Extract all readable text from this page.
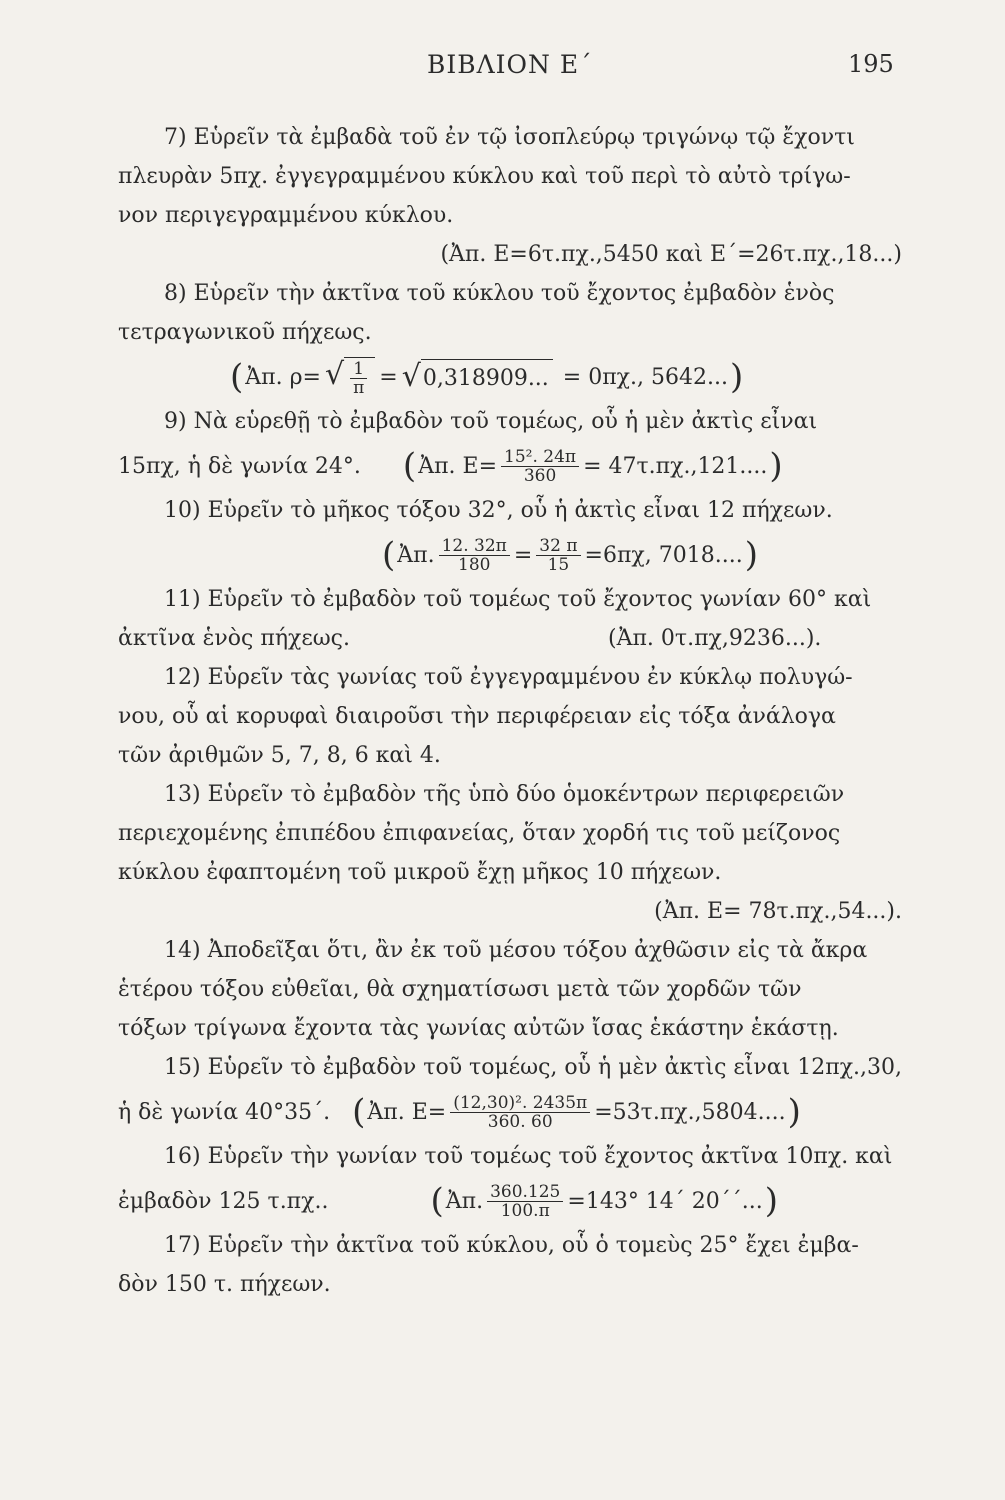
ΒΙΒΛΙΟΝ Ε΄	195
7) Εὑρεῖν τὰ ἐμβαδὰ τοῦ ἐν τῷ ἰσοπλεύρῳ τριγώνῳ τῷ ἔχοντι
πλευρὰν 5πχ. ἐγγεγραμμένου κύκλου καὶ τοῦ περὶ τὸ αὐτὸ τρίγω-
νον περιγεγραμμένου κύκλου.
(Ἀπ. Ε=6τ.πχ.,5450 καὶ Ε΄=26τ.πχ.,18...)
8) Εὑρεῖν τὴν ἀκτῖνα τοῦ κύκλου τοῦ ἔχοντος ἐμβαδὸν ἑνὸς
τετραγωνικοῦ πήχεως.
( Ἀπ. ρ= √ $\frac{1}{\pi}$ = √ 0,318909... = 0πχ., 5642... )
9) Νὰ εὑρεθῇ τὸ ἐμβαδὸν τοῦ τομέως, οὗ ἡ μὲν ἀκτὶς εἶναι
15πχ, ἡ δὲ γωνία 24°. ( Ἀπ. $E= \frac{\text{15². 24π}}{360} = 47\tau.\pi\chi.,121$.... )
10) Εὑρεῖν τὸ μῆκος τόξου 32°, οὗ ἡ ἀκτὶς εἶναι 12 πήχεων.
( Ἀπ. $\frac{12. 32\pi}{180} = \frac{32 \pi}{15} =6\pi\chi$, 7018.... )
11) Εὑρεῖν τὸ ἐμβαδὸν τοῦ τομέως τοῦ ἔχοντος γωνίαν 60° καὶ
ἀκτῖνα ἑνὸς πήχεως.	(Ἀπ. 0τ.πχ,9236...).
12) Εὑρεῖν τὰς γωνίας τοῦ ἐγγεγραμμένου ἐν κύκλῳ πολυγώ-
νου, οὗ αἱ κορυφαὶ διαιροῦσι τὴν περιφέρειαν εἰς τόξα ἀνάλογα
τῶν ἀριθμῶν 5, 7, 8, 6 καὶ 4.
13) Εὑρεῖν τὸ ἐμβαδὸν τῆς ὑπὸ δύο ὁμοκέντρων περιφερειῶν
περιεχομένης ἐπιπέδου ἐπιφανείας, ὅταν χορδή τις τοῦ μείζονος
κύκλου ἐφαπτομένη τοῦ μικροῦ ἔχῃ μῆκος 10 πήχεων.
(Ἀπ. Ε= 78τ.πχ.,54...).
14) Ἀποδεῖξαι ὅτι, ἂν ἐκ τοῦ μέσου τόξου ἀχθῶσιν εἰς τὰ ἄκρα
ἑτέρου τόξου εὐθεῖαι, θὰ σχηματίσωσι μετὰ τῶν χορδῶν τῶν
τόξων τρίγωνα ἔχοντα τὰς γωνίας αὐτῶν ἴσας ἑκάστην ἑκάστῃ.
15) Εὑρεῖν τὸ ἐμβαδὸν τοῦ τομέως, οὗ ἡ μὲν ἀκτὶς εἶναι 12πχ.,30,
ἡ δὲ γωνία 40°35΄. ( Ἀπ. $E= \frac{\text{(12,30)². 2435π}}{360. 60} =53\tau.\pi\chi.,5804$.... )
16) Εὑρεῖν τὴν γωνίαν τοῦ τομέως τοῦ ἔχοντος ἀκτῖνα 10πχ. καὶ
ἐμβαδὸν 125 τ.πχ..	( Ἀπ. $\frac{360.125}{100.\pi} =143^\circ$ 14΄ 20΄΄... )
17) Εὑρεῖν τὴν ἀκτῖνα τοῦ κύκλου, οὗ ὁ τομεὺς 25° ἔχει ἐμβα-
δὸν 150 τ. πήχεων.
